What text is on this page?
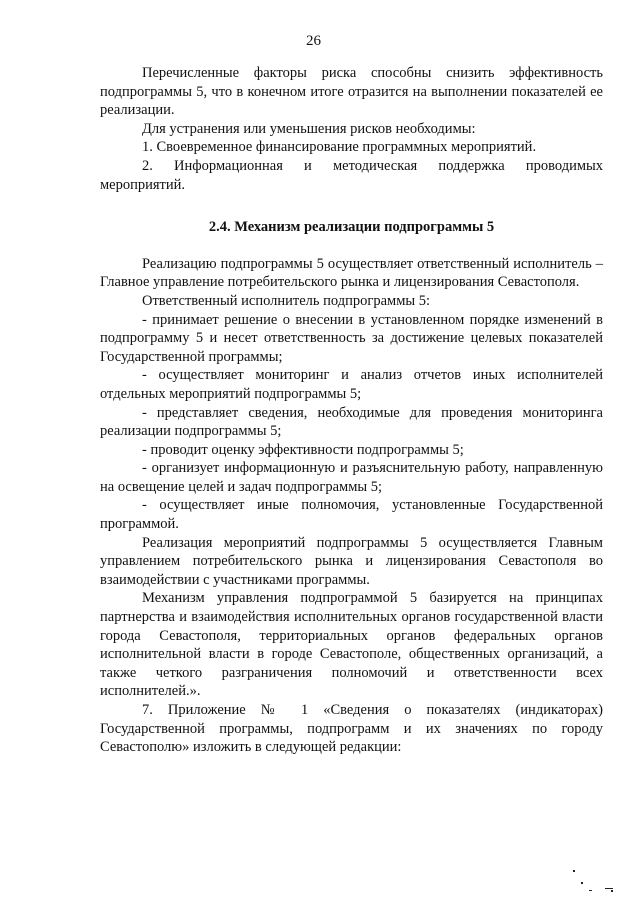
26

Перечисленные факторы риска способны снизить эффективность подпрограммы 5, что в конечном итоге отразится на выполнении показателей ее реализации.

Для устранения или уменьшения рисков необходимы:

1. Своевременное финансирование программных мероприятий.

2. Информационная и методическая поддержка проводимых мероприятий.

2.4. Механизм реализации подпрограммы 5

Реализацию подпрограммы 5 осуществляет ответственный исполнитель – Главное управление потребительского рынка и лицензирования Севастополя.

Ответственный исполнитель подпрограммы 5:

- принимает решение о внесении в установленном порядке изменений в подпрограмму 5 и несет ответственность за достижение целевых показателей Государственной программы;

- осуществляет мониторинг и анализ отчетов иных исполнителей отдельных мероприятий подпрограммы 5;

- представляет сведения, необходимые для проведения мониторинга реализации подпрограммы 5;

- проводит оценку эффективности подпрограммы 5;

- организует информационную и разъяснительную работу, направленную на освещение целей и задач подпрограммы 5;

- осуществляет иные полномочия, установленные Государственной программой.

Реализация мероприятий подпрограммы 5 осуществляется Главным управлением потребительского рынка и лицензирования Севастополя во взаимодействии с участниками программы.

Механизм управления подпрограммой 5 базируется на принципах партнерства и взаимодействия исполнительных органов государственной власти города Севастополя, территориальных органов федеральных органов исполнительной власти в городе Севастополе, общественных организаций, а также четкого разграничения полномочий и ответственности всех исполнителей.».

7. Приложение № 1 «Сведения о показателях (индикаторах) Государственной программы, подпрограмм и их значениях по городу Севастополю» изложить в следующей редакции:
